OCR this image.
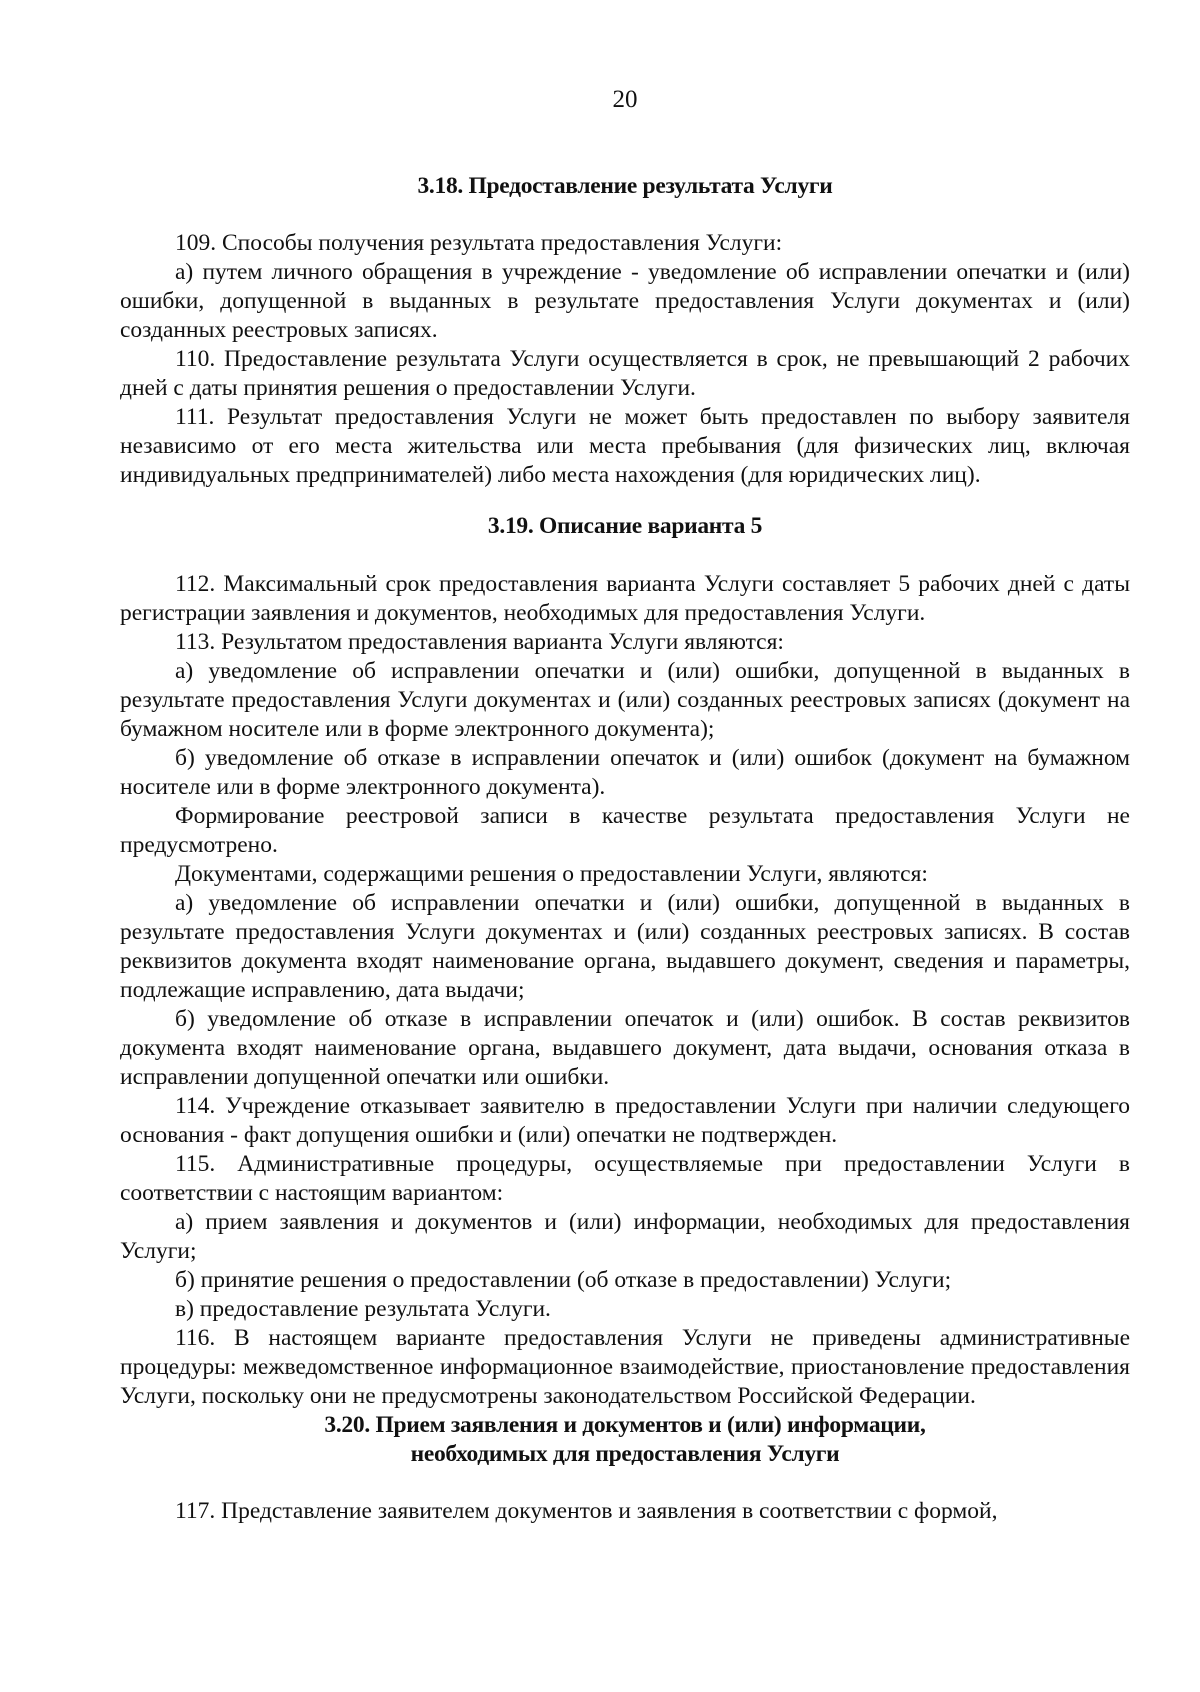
20
3.18. Предоставление результата Услуги

109. Способы получения результата предоставления Услуги:

а) путем личного обращения в учреждение - уведомление об исправлении опечатки и (или) ошибки, допущенной в выданных в результате предоставления Услуги документах и (или) созданных реестровых записях.

110. Предоставление результата Услуги осуществляется в срок, не превышающий 2 рабочих дней с даты принятия решения о предоставлении Услуги.

111. Результат предоставления Услуги не может быть предоставлен по выбору заявителя независимо от его места жительства или места пребывания (для физических лиц, включая индивидуальных предпринимателей) либо места нахождения (для юридических лиц).

3.19. Описание варианта 5

112. Максимальный срок предоставления варианта Услуги составляет 5 рабочих дней с даты регистрации заявления и документов, необходимых для предоставления Услуги.

113. Результатом предоставления варианта Услуги являются:

а) уведомление об исправлении опечатки и (или) ошибки, допущенной в выданных в результате предоставления Услуги документах и (или) созданных реестровых записях (документ на бумажном носителе или в форме электронного документа);

б) уведомление об отказе в исправлении опечаток и (или) ошибок (документ на бумажном носителе или в форме электронного документа).

Формирование реестровой записи в качестве результата предоставления Услуги не предусмотрено.

Документами, содержащими решения о предоставлении Услуги, являются:

а) уведомление об исправлении опечатки и (или) ошибки, допущенной в выданных в результате предоставления Услуги документах и (или) созданных реестровых записях. В состав реквизитов документа входят наименование органа, выдавшего документ, сведения и параметры, подлежащие исправлению, дата выдачи;

б) уведомление об отказе в исправлении опечаток и (или) ошибок. В состав реквизитов документа входят наименование органа, выдавшего документ, дата выдачи, основания отказа в исправлении допущенной опечатки или ошибки.

114. Учреждение отказывает заявителю в предоставлении Услуги при наличии следующего основания - факт допущения ошибки и (или) опечатки не подтвержден.

115. Административные процедуры, осуществляемые при предоставлении Услуги в соответствии с настоящим вариантом:

а) прием заявления и документов и (или) информации, необходимых для предоставления Услуги;

б) принятие решения о предоставлении (об отказе в предоставлении) Услуги;

в) предоставление результата Услуги.

116. В настоящем варианте предоставления Услуги не приведены административные процедуры: межведомственное информационное взаимодействие, приостановление предоставления Услуги, поскольку они не предусмотрены законодательством Российской Федерации.

3.20. Прием заявления и документов и (или) информации,
необходимых для предоставления Услуги

117. Представление заявителем документов и заявления в соответствии с формой,
